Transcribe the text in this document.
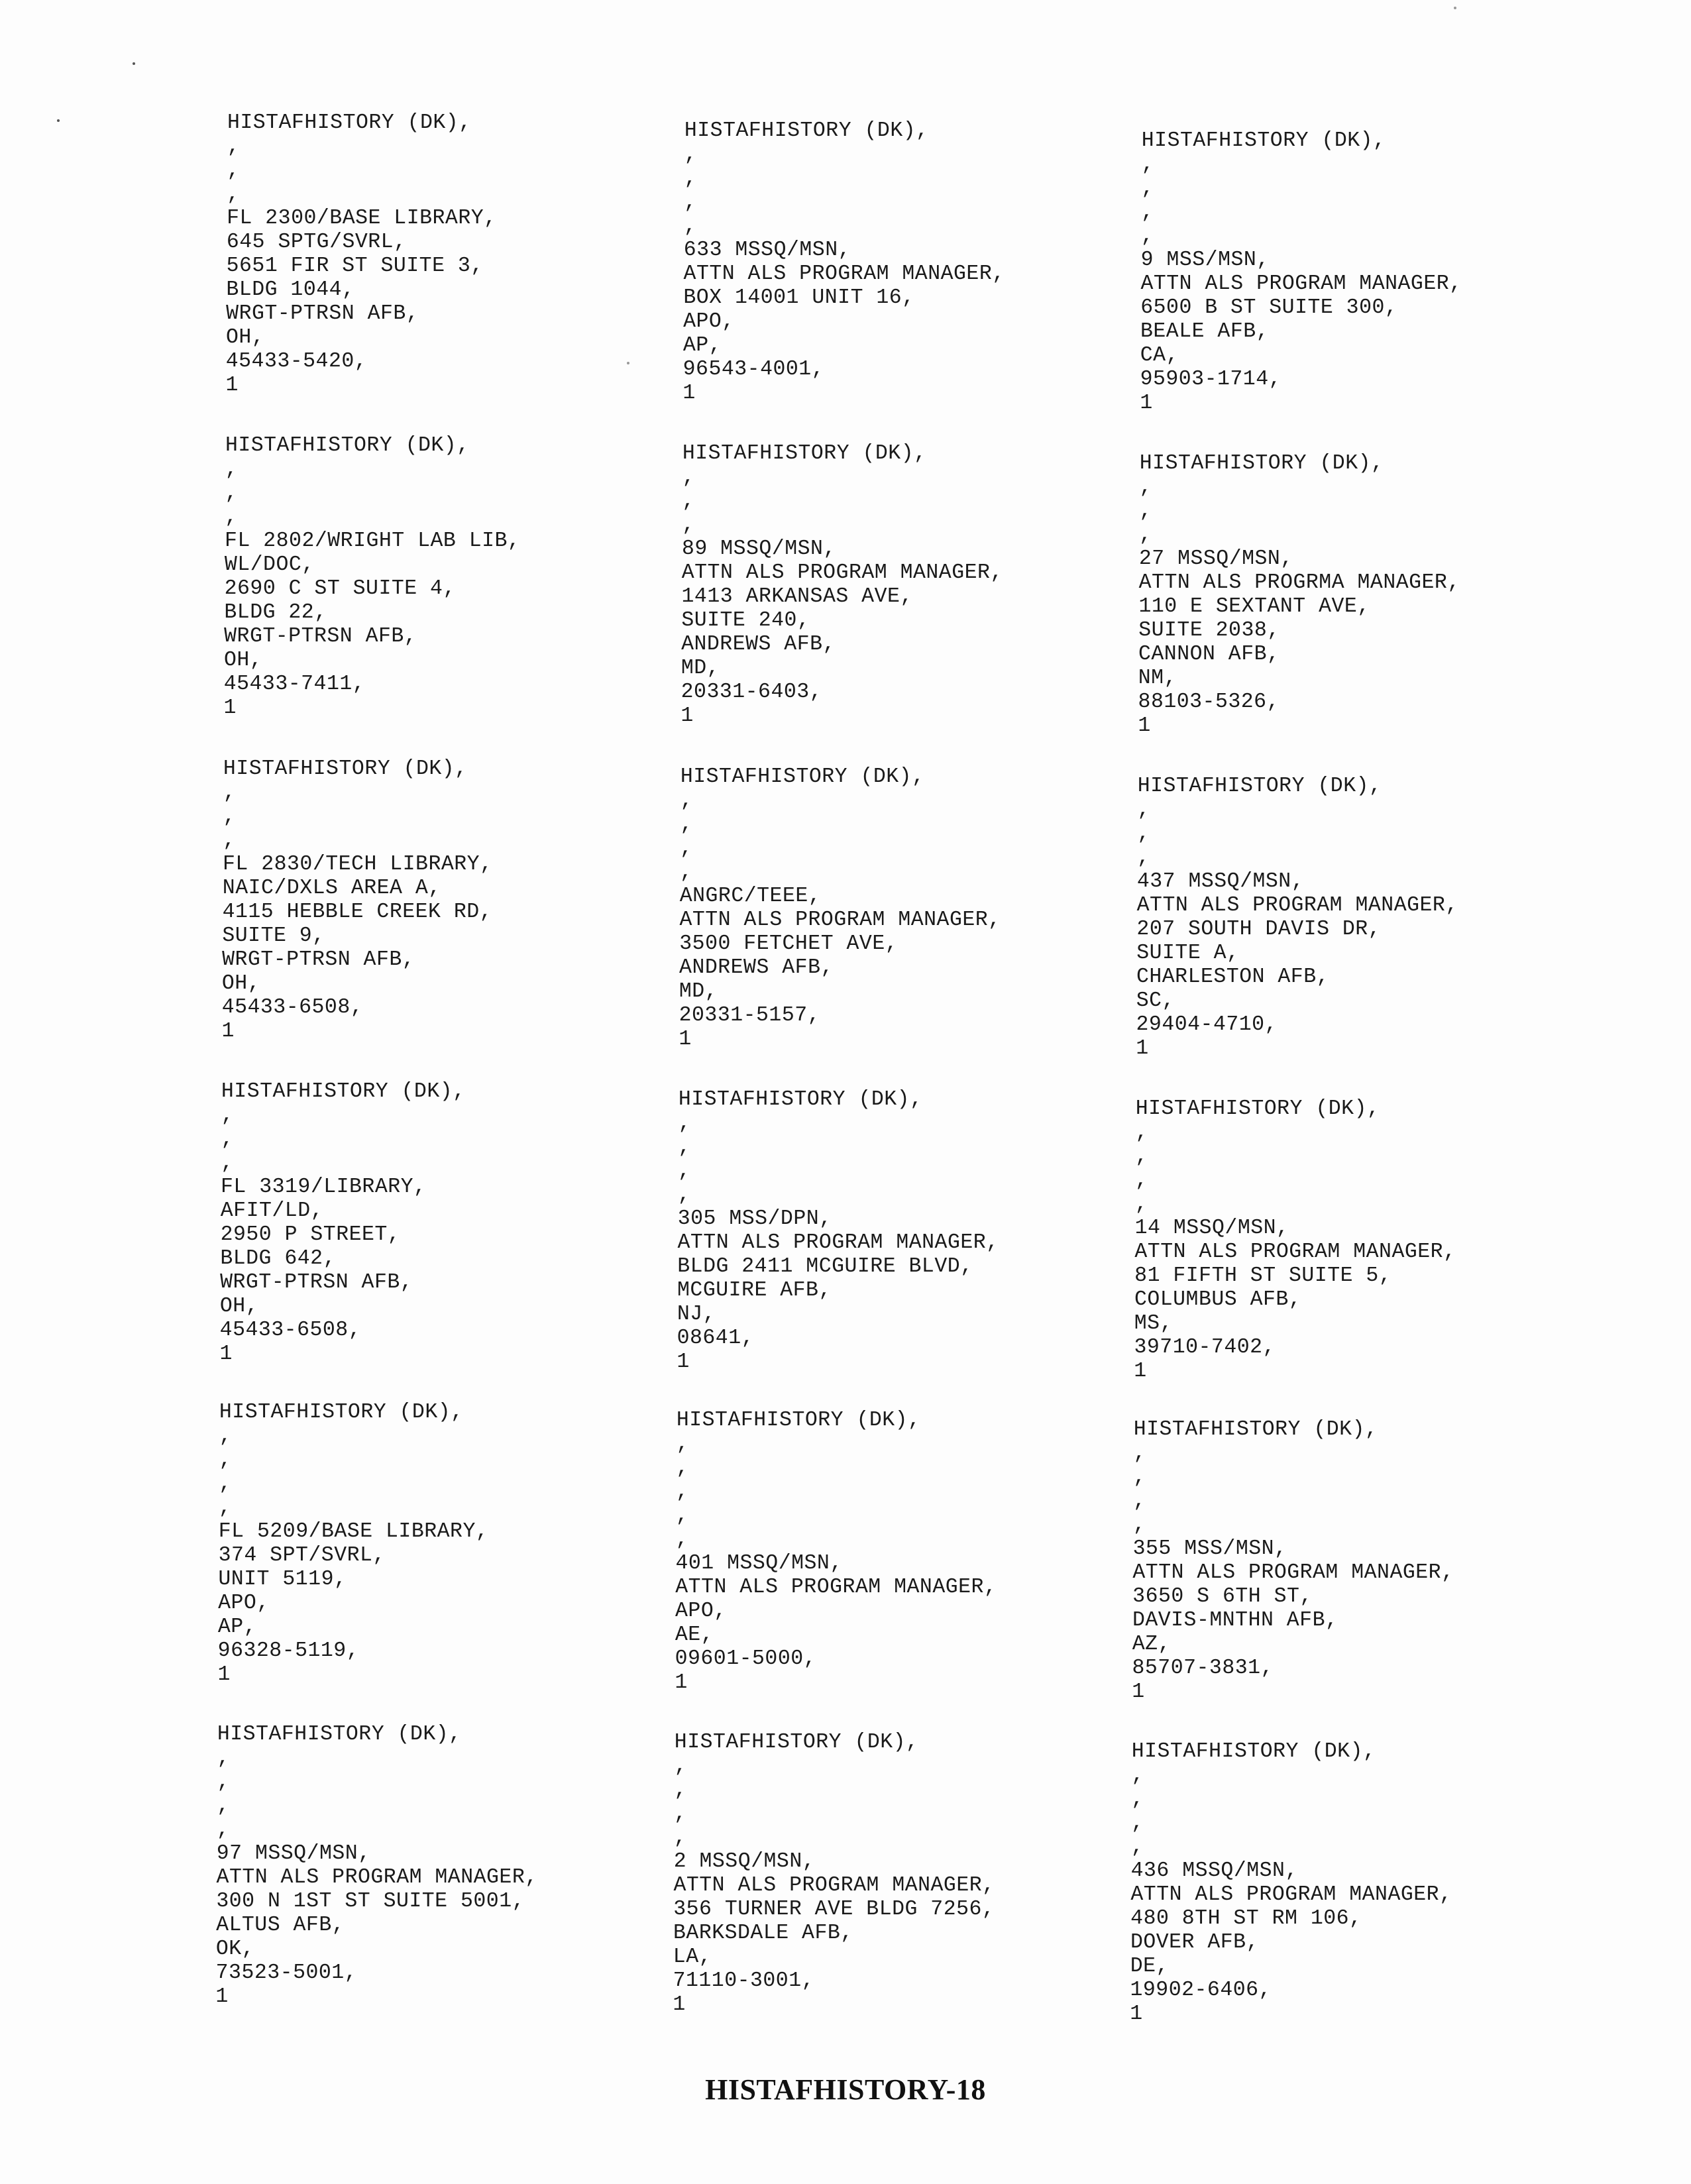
HISTAFHISTORY (DK),
,
,
,
FL 2300/BASE LIBRARY,
645 SPTG/SVRL,
5651 FIR ST SUITE 3,
BLDG 1044,
WRGT-PTRSN AFB,
OH,
45433-5420,
1
HISTAFHISTORY (DK),
,
,
,
FL 2802/WRIGHT LAB LIB,
WL/DOC,
2690 C ST SUITE 4,
BLDG 22,
WRGT-PTRSN AFB,
OH,
45433-7411,
1
HISTAFHISTORY (DK),
,
,
,
FL 2830/TECH LIBRARY,
NAIC/DXLS AREA A,
4115 HEBBLE CREEK RD,
SUITE 9,
WRGT-PTRSN AFB,
OH,
45433-6508,
1
HISTAFHISTORY (DK),
,
,
,
FL 3319/LIBRARY,
AFIT/LD,
2950 P STREET,
BLDG 642,
WRGT-PTRSN AFB,
OH,
45433-6508,
1
HISTAFHISTORY (DK),
,
,
,
,
FL 5209/BASE LIBRARY,
374 SPT/SVRL,
UNIT 5119,
APO,
AP,
96328-5119,
1
HISTAFHISTORY (DK),
,
,
,
,
97 MSSQ/MSN,
ATTN ALS PROGRAM MANAGER,
300 N 1ST ST SUITE 5001,
ALTUS AFB,
OK,
73523-5001,
1
HISTAFHISTORY (DK),
,
,
,
,
633 MSSQ/MSN,
ATTN ALS PROGRAM MANAGER,
BOX 14001 UNIT 16,
APO,
AP,
96543-4001,
1
HISTAFHISTORY (DK),
,
,
,
89 MSSQ/MSN,
ATTN ALS PROGRAM MANAGER,
1413 ARKANSAS AVE,
SUITE 240,
ANDREWS AFB,
MD,
20331-6403,
1
HISTAFHISTORY (DK),
,
,
,
,
ANGRC/TEEE,
ATTN ALS PROGRAM MANAGER,
3500 FETCHET AVE,
ANDREWS AFB,
MD,
20331-5157,
1
HISTAFHISTORY (DK),
,
,
,
,
305 MSS/DPN,
ATTN ALS PROGRAM MANAGER,
BLDG 2411 MCGUIRE BLVD,
MCGUIRE AFB,
NJ,
08641,
1
HISTAFHISTORY (DK),
,
,
,
,
,
401 MSSQ/MSN,
ATTN ALS PROGRAM MANAGER,
APO,
AE,
09601-5000,
1
HISTAFHISTORY (DK),
,
,
,
,
2 MSSQ/MSN,
ATTN ALS PROGRAM MANAGER,
356 TURNER AVE BLDG 7256,
BARKSDALE AFB,
LA,
71110-3001,
1
HISTAFHISTORY (DK),
,
,
,
,
9 MSS/MSN,
ATTN ALS PROGRAM MANAGER,
6500 B ST SUITE 300,
BEALE AFB,
CA,
95903-1714,
1
HISTAFHISTORY (DK),
,
,
,
27 MSSQ/MSN,
ATTN ALS PROGRMA MANAGER,
110 E SEXTANT AVE,
SUITE 2038,
CANNON AFB,
NM,
88103-5326,
1
HISTAFHISTORY (DK),
,
,
,
437 MSSQ/MSN,
ATTN ALS PROGRAM MANAGER,
207 SOUTH DAVIS DR,
SUITE A,
CHARLESTON AFB,
SC,
29404-4710,
1
HISTAFHISTORY (DK),
,
,
,
,
14 MSSQ/MSN,
ATTN ALS PROGRAM MANAGER,
81 FIFTH ST SUITE 5,
COLUMBUS AFB,
MS,
39710-7402,
1
HISTAFHISTORY (DK),
,
,
,
,
355 MSS/MSN,
ATTN ALS PROGRAM MANAGER,
3650 S 6TH ST,
DAVIS-MNTHN AFB,
AZ,
85707-3831,
1
HISTAFHISTORY (DK),
,
,
,
,
436 MSSQ/MSN,
ATTN ALS PROGRAM MANAGER,
480 8TH ST RM 106,
DOVER AFB,
DE,
19902-6406,
1
HISTAFHISTORY-18
